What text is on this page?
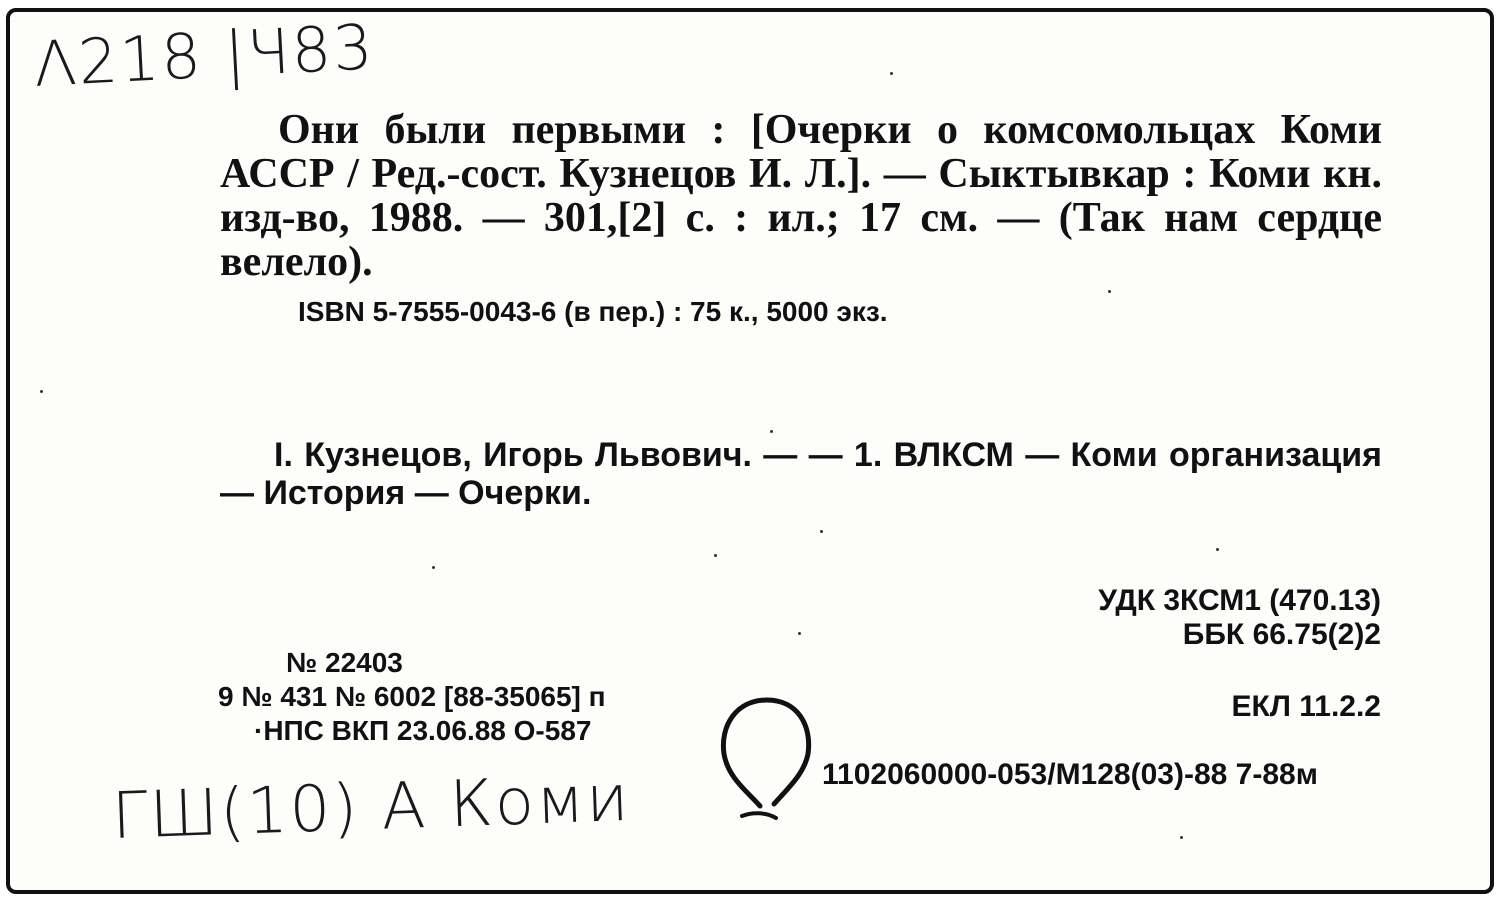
Λ218 |Ч83

Они были первыми : [Очерки о комсомольцах Коми АССР / Ред.-сост. Кузнецов И. Л.]. — Сыктывкар : Коми кн. изд-во, 1988. — 301,[2] с. : ил.; 17 см. — (Так нам сердце велело).

ISBN 5-7555-0043-6 (в пер.) : 75 к., 5000 экз.

I. Кузнецов, Игорь Львович. — — 1. ВЛКСМ — Коми организация — История — Очерки.

УДК 3КСМ1 (470.13)
ББК 66.75(2)2
№ 22403
9 № 431 № 6002 [88-35065] п
·НПС ВКП 23.06.88 О-587
ЕКЛ 11.2.2
1102060000-053/М128(03)-88 7-88м
ГШ(10) А Коми
